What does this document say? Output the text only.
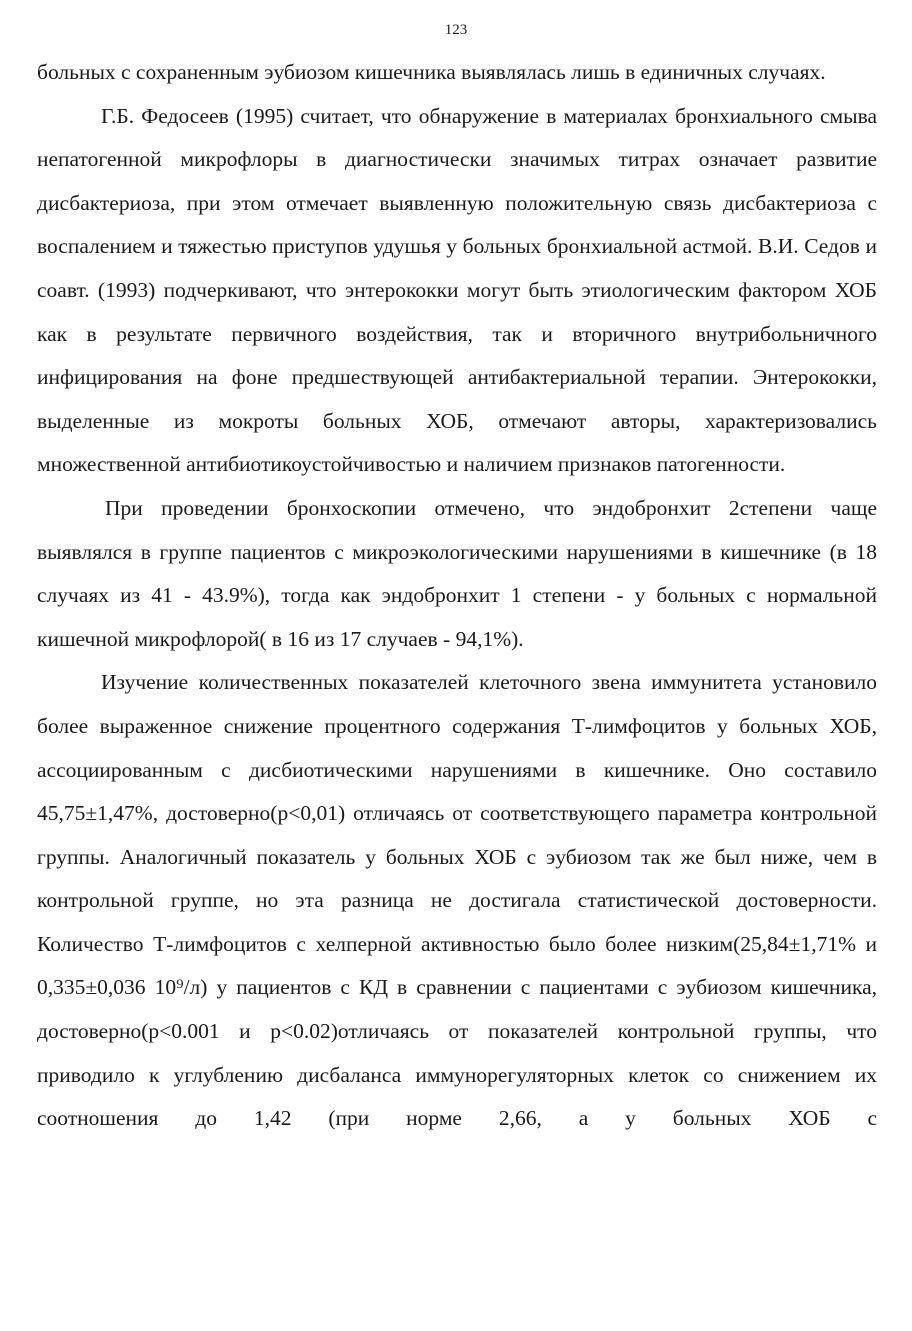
123

больных с сохраненным эубиозом кишечника выявлялась лишь в единичных случаях.

Г.Б. Федосеев (1995) считает, что обнаружение в материалах бронхиального смыва непатогенной микрофлоры в диагностически значимых титрах означает развитие дисбактериоза, при этом отмечает выявленную положительную связь дисбактериоза с воспалением и тяжестью приступов удушья у больных бронхиальной астмой. В.И. Седов и соавт. (1993) подчеркивают, что энтерококки могут быть этиологическим фактором ХОБ как в результате первичного воздействия, так и вторичного внутрибольничного инфицирования на фоне предшествующей антибактериальной терапии. Энтерококки, выделенные из мокроты больных ХОБ, отмечают авторы, характеризовались множественной антибиотикоустойчивостью и наличием признаков патогенности.

При проведении бронхоскопии отмечено, что эндобронхит 2степени чаще выявлялся в группе пациентов с микроэкологическими нарушениями в кишечнике (в 18 случаях из 41 - 43.9%), тогда как эндобронхит 1 степени - у больных с нормальной кишечной микрофлорой( в 16 из 17 случаев - 94,1%).

Изучение количественных показателей клеточного звена иммунитета установило более выраженное снижение процентного содержания Т-лимфоцитов у больных ХОБ, ассоциированным с дисбиотическими нарушениями в кишечнике. Оно составило 45,75±1,47%, достоверно(р<0,01) отличаясь от соответствующего параметра контрольной группы. Аналогичный показатель у больных ХОБ с эубиозом так же был ниже, чем в контрольной группе, но эта разница не достигала статистической достоверности. Количество Т-лимфоцитов с хелперной активностью было более низким(25,84±1,71% и 0,335±0,036 10⁹/л) у пациентов с КД в сравнении с пациентами с эубиозом кишечника, достоверно(р<0.001 и р<0.02)отличаясь от показателей контрольной группы, что приводило к углублению дисбаланса иммунорегуляторных клеток со снижением их соотношения до 1,42 (при норме 2,66, а у больных ХОБ с
